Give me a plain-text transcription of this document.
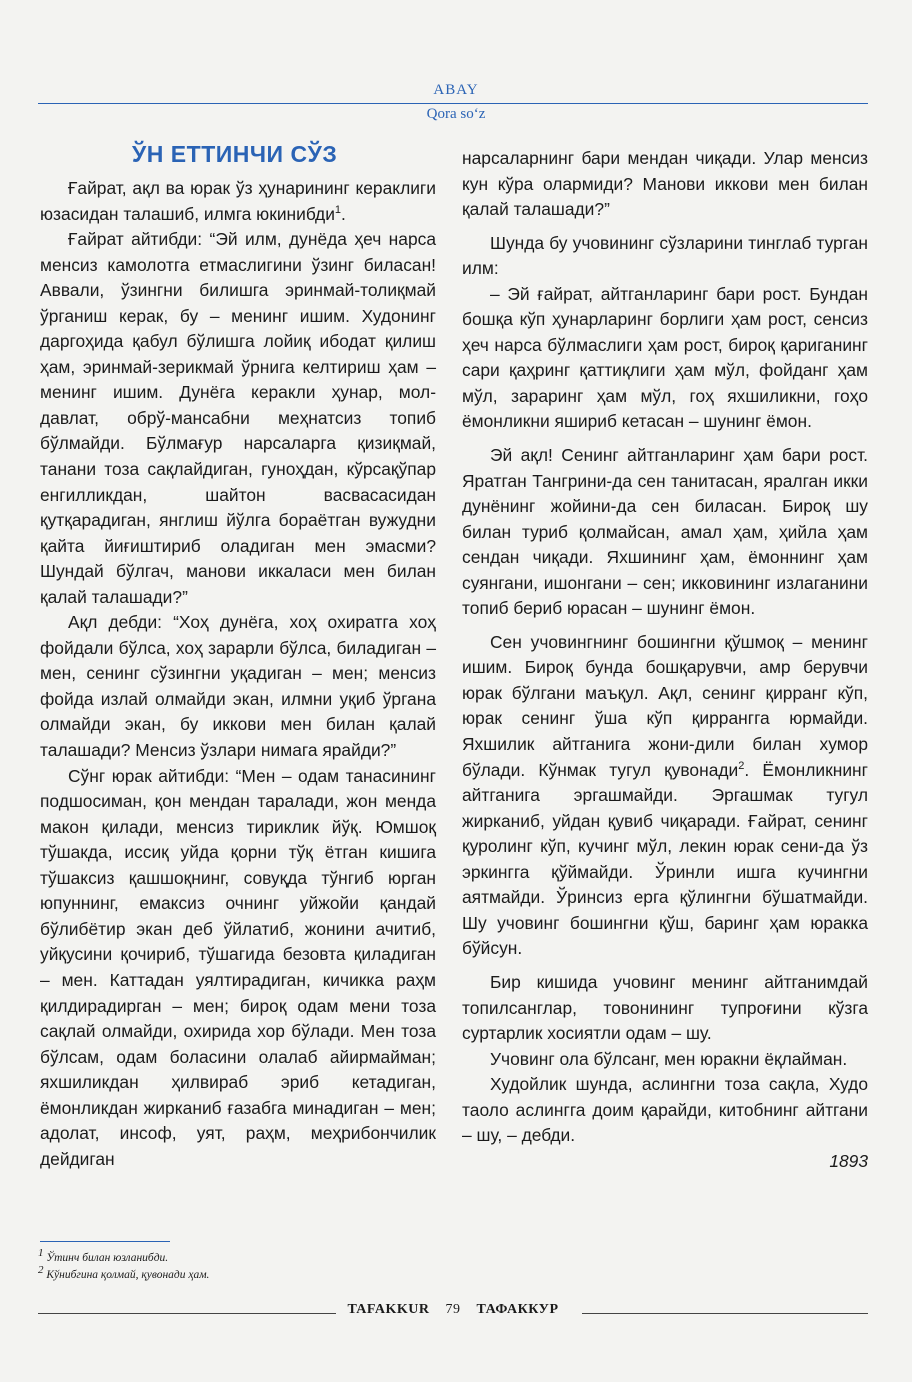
ABAY
Qora so‘z
ЎН ЕТТИНЧИ СЎЗ

Ғайрат, ақл ва юрак ўз ҳунарининг кераклиги юзасидан талашиб, илмга юкинибди$^1$.

Ғайрат айтибди: “Эй илм, дунёда ҳеч нарса менсиз камолотга етмаслигини ўзинг биласан! Аввали, ўзингни билишга эринмай-толиқмай ўрганиш керак, бу – менинг ишим. Худонинг даргоҳида қабул бўлишга лойиқ ибодат қилиш ҳам, эринмай-зерикмай ўрнига келтириш ҳам – менинг ишим. Дунёга керакли ҳунар, мол-давлат, обрў-мансабни меҳнатсиз топиб бўлмайди. Бўлмағур нарсаларга қизиқмай, танани тоза сақлайдиган, гуноҳдан, кўрсақўпар енгилликдан, шайтон васвасасидан қутқарадиган, янглиш йўлга бораётган вужудни қайта йиғиштириб оладиган мен эмасми? Шундай бўлгач, манови иккаласи мен билан қалай талашади?”

Ақл дебди: “Хоҳ дунёга, хоҳ охиратга хоҳ фойдали бўлса, хоҳ зарарли бўлса, биладиган – мен, сенинг сўзингни уқадиган – мен; менсиз фойда излай олмайди экан, илмни уқиб ўргана олмайди экан, бу иккови мен билан қалай талашади? Менсиз ўзлари нимага ярайди?”

Сўнг юрак айтибди: “Мен – одам танасининг подшосиман, қон мендан таралади, жон менда макон қилади, менсиз тириклик йўқ. Юмшоқ тўшакда, иссиқ уйда қорни тўқ ётган кишига тўшаксиз қашшоқнинг, совуқда тўнгиб юрган юпуннинг, емаксиз очнинг уйжойи қандай бўлибётир экан деб ўйлатиб, жонини ачитиб, уйқусини қочириб, тўшагида безовта қиладиган – мен. Каттадан уялтирадиган, кичикка раҳм қилдирадирган – мен; бироқ одам мени тоза сақлай олмайди, охирида хор бўлади. Мен тоза бўлсам, одам боласини олалаб айирмайман; яхшиликдан ҳилвираб эриб кетадиган, ёмонликдан жирканиб ғазабга минадиган – мен; адолат, инсоф, уят, раҳм, меҳрибончилик дейдиган

нарсаларнинг бари мендан чиқади. Улар менсиз кун кўра олармиди? Манови иккови мен билан қалай талашади?”

Шунда бу учовининг сўзларини тинглаб турган илм:

– Эй ғайрат, айтганларинг бари рост. Бундан бошқа кўп ҳунарларинг борлиги ҳам рост, сенсиз ҳеч нарса бўлмаслиги ҳам рост, бироқ қариганинг сари қаҳринг қаттиқлиги ҳам мўл, фойданг ҳам мўл, зараринг ҳам мўл, гоҳ яхшиликни, гоҳо ёмонликни яшириб кетасан – шунинг ёмон.

Эй ақл! Сенинг айтганларинг ҳам бари рост. Яратган Тангрини-да сен танитасан, яралган икки дунёнинг жойини-да сен биласан. Бироқ шу билан туриб қолмайсан, амал ҳам, ҳийла ҳам сендан чиқади. Яхшининг ҳам, ёмоннинг ҳам суянгани, ишонгани – сен; икковининг излаганини топиб бериб юрасан – шунинг ёмон.

Сен учовингнинг бошингни қўшмоқ – менинг ишим. Бироқ бунда бошқарувчи, амр берувчи юрак бўлгани маъқул. Ақл, сенинг қирранг кўп, юрак сенинг ўша кўп қиррангга юрмайди. Яхшилик айтганига жони-дили билан хумор бўлади. Кўнмак тугул қувонади$^2$. Ёмонликнинг айтганига эргашмайди. Эргашмак тугул жирканиб, уйдан қувиб чиқаради. Ғайрат, сенинг қуролинг кўп, кучинг мўл, лекин юрак сени-да ўз эркингга қўймайди. Ўринли ишга кучингни аятмайди. Ўринсиз ерга қўлингни бўшатмайди. Шу учовинг бошингни қўш, баринг ҳам юракка бўйсун.

Бир кишида учовинг менинг айтганимдай топилсанглар, товонининг тупроғини кўзга суртарлик хосиятли одам – шу.

Учовинг ола бўлсанг, мен юракни ёқлайман.

Худойлик шунда, аслингни тоза сақла, Худо таоло аслингга доим қарайди, китобнинг айтгани – шу, – дебди.

1893

$^1$ Ўтинч билан юзланибди.
$^2$ Кўнибгина қолмай, қувонади ҳам.
TAFAKKUR 79 ТАФАККУР
